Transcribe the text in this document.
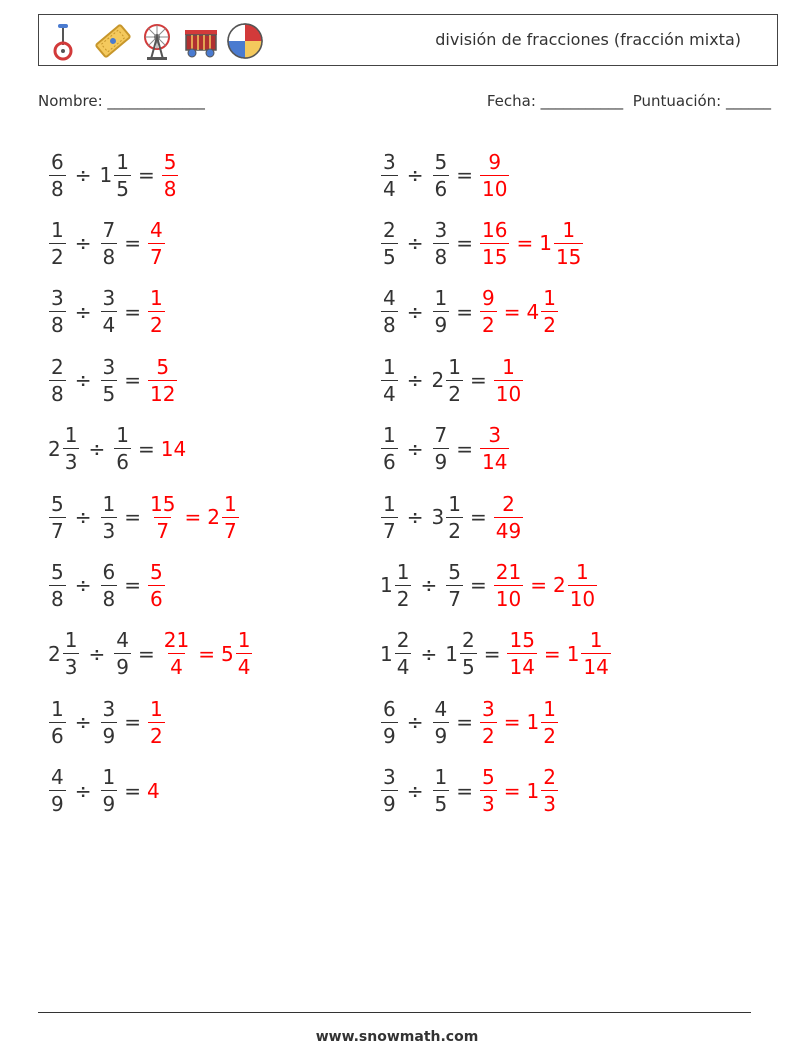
división de fracciones (fracción mixta)
Nombre: _____________	Fecha: ___________  Puntuación: ______
$\frac{6}{8} \div 1 \frac{1}{5} = \frac{5}{8}$	$\frac{3}{4} \div \frac{5}{6} = \frac{9}{10}$
$\frac{1}{2} \div \frac{7}{8} = \frac{4}{7}$	$\frac{2}{5} \div \frac{3}{8} = \frac{16}{15} = 1 \frac{1}{15}$
$\frac{3}{8} \div \frac{3}{4} = \frac{1}{2}$	$\frac{4}{8} \div \frac{1}{9} = \frac{9}{2} = 4 \frac{1}{2}$
$\frac{2}{8} \div \frac{3}{5} = \frac{5}{12}$	$\frac{1}{4} \div 2 \frac{1}{2} = \frac{1}{10}$
$2 \frac{1}{3} \div \frac{1}{6} = 14$	$\frac{1}{6} \div \frac{7}{9} = \frac{3}{14}$
$\frac{5}{7} \div \frac{1}{3} = \frac{15}{7} = 2 \frac{1}{7}$	$\frac{1}{7} \div 3 \frac{1}{2} = \frac{2}{49}$
$\frac{5}{8} \div \frac{6}{8} = \frac{5}{6}$	$1 \frac{1}{2} \div \frac{5}{7} = \frac{21}{10} = 2 \frac{1}{10}$
$2 \frac{1}{3} \div \frac{4}{9} = \frac{21}{4} = 5 \frac{1}{4}$	$1 \frac{2}{4} \div 1 \frac{2}{5} = \frac{15}{14} = 1 \frac{1}{14}$
$\frac{1}{6} \div \frac{3}{9} = \frac{1}{2}$	$\frac{6}{9} \div \frac{4}{9} = \frac{3}{2} = 1 \frac{1}{2}$
$\frac{4}{9} \div \frac{1}{9} = 4$	$\frac{3}{9} \div \frac{1}{5} = \frac{5}{3} = 1 \frac{2}{3}$
www.snowmath.com
